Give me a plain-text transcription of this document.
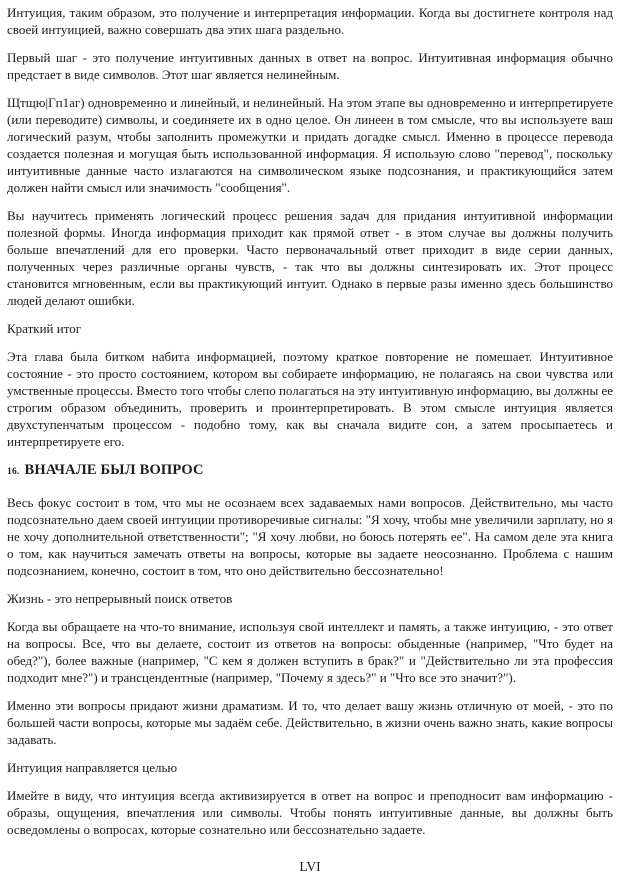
Интуиция, таким образом, это получение и интерпретация информации. Когда вы достигнете контроля над своей интуицией, важно совершать два этих шага раздельно.

Первый шаг - это получение интуитивных данных в ответ на вопрос. Интуитивная информация обычно предстает в виде символов. Этот шаг является нелинейным.

Щтщю|Гп1аг) одновременно и линейный, и нелинейный. На этом этапе вы одновременно и интерпретируете (или переводите) символы, и соединяете их в одно целое. Он линеен в том смысле, что вы используете ваш логический разум, чтобы заполнить промежутки и придать догадке смысл. Именно в процессе перевода создается полезная и могущая быть использованной информация. Я использую слово "перевод", поскольку интуитивные данные часто излагаются на символическом языке подсознания, и практикующийся затем должен найти смысл или значимость "сообщения".

Вы научитесь применять логический процесс решения задач для придания интуитивной информации полезной формы. Иногда информация приходит как прямой ответ - в этом случае вы должны получить больше впечатлений для его проверки. Часто первоначальный ответ приходит в виде серии данных, полученных через различные органы чувств, - так что вы должны синтезировать их. Этот процесс становится мгновенным, если вы практикующий интуит. Однако в первые разы именно здесь большинство людей делают ошибки.

Краткий итог

Эта глава была битком набита информацией, поэтому краткое повторение не помешает. Интуитивное состояние - это просто состоянием, котором вы собираете информацию, не полагаясь на свои чувства или умственные процессы. Вместо того чтобы слепо полагаться на эту интуитивную информацию, вы должны ее строгим образом объединить, проверить и проинтерпретировать. В этом смысле интуиция является двухступенчатым процессом - подобно тому, как вы сначала видите сон, а затем просыпаетесь и интерпретируете его.

16. ВНАЧАЛЕ БЫЛ ВОПРОС

Весь фокус состоит в том, что мы не осознаем всех задаваемых нами вопросов. Действительно, мы часто подсознательно даем своей интуиции противоречивые сигналы: "Я хочу, чтобы мне увеличили зарплату, но я не хочу дополнительной ответственности"; "Я хочу любви, но боюсь потерять ее". На самом деле эта книга о том, как научиться замечать ответы на вопросы, которые вы задаете неосознанно. Проблема с нашим подсознанием, конечно, состоит в том, что оно действительно бессознательно!

Жизнь - это непрерывный поиск ответов

Когда вы обращаете на что-то внимание, используя свой интеллект и память, а также интуицию, - это ответ на вопросы. Все, что вы делаете, состоит из ответов на вопросы: обыденные (например, "Что будет на обед?"), более важные (например, "С кем я должен вступить в брак?" и "Действительно ли эта профессия подходит мне?") и трансцендентные (например, "Почему я здесь?" и "Что все это значит?").

Именно эти вопросы придают жизни драматизм. И то, что делает вашу жизнь отличную от моей, - это по большей части вопросы, которые мы задаём себе. Действительно, в жизни очень важно знать, какие вопросы задавать.

Интуиция направляется целью

Имейте в виду, что интуиция всегда активизируется в ответ на вопрос и преподносит вам информацию - образы, ощущения, впечатления или символы. Чтобы понять интуитивные данные, вы должны быть осведомлены о вопросах, которые сознательно или бессознательно задаете.

LVI
